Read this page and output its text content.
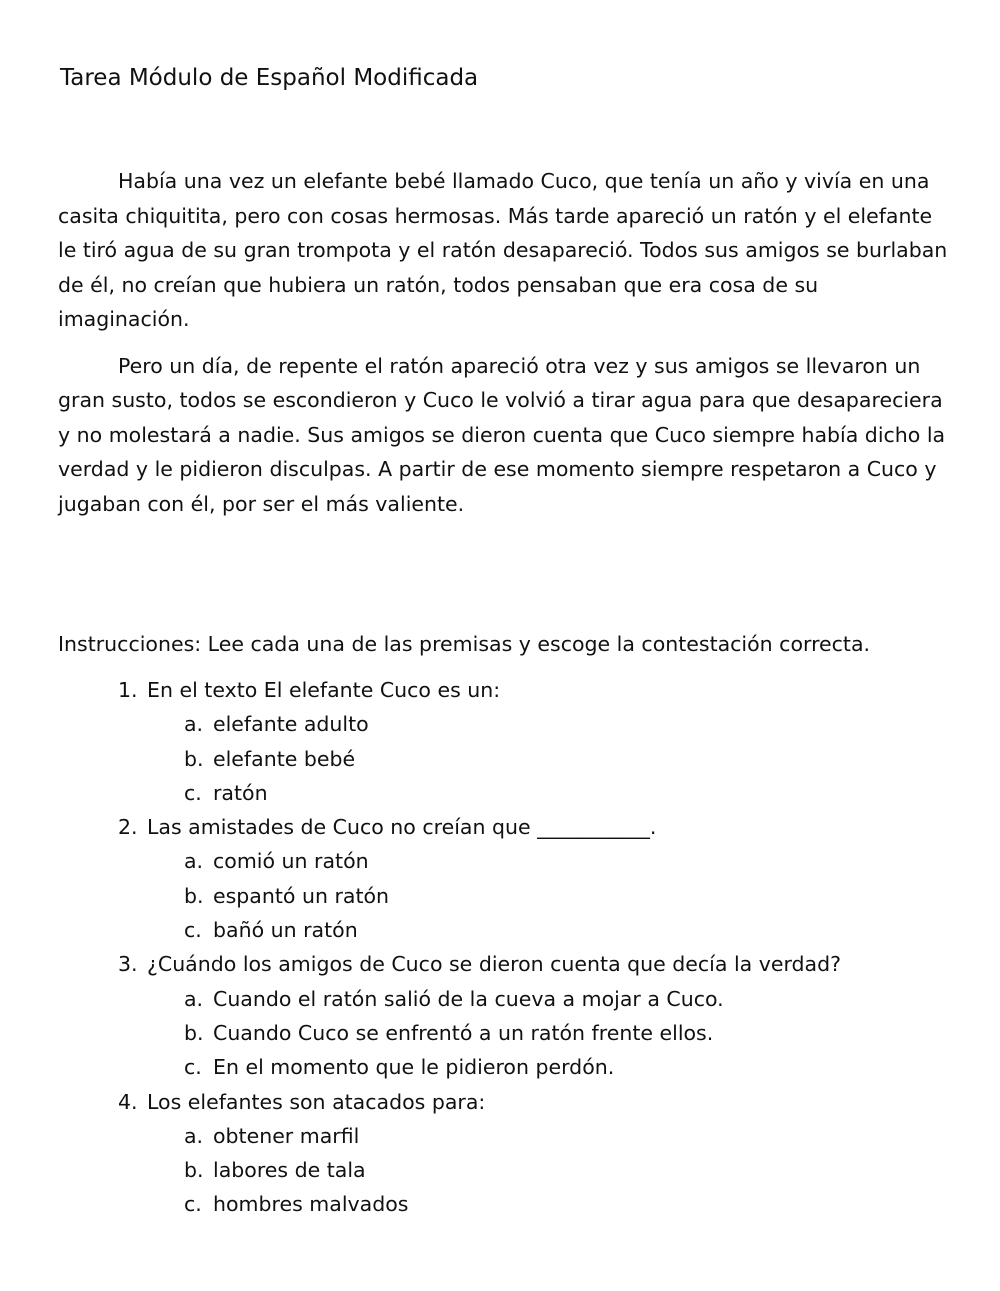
Tarea Módulo de Español Modificada

Había una vez un elefante bebé llamado Cuco, que tenía un año y vivía en una casita chiquitita, pero con cosas hermosas. Más tarde apareció un ratón y el elefante le tiró agua de su gran trompota y el ratón desapareció. Todos sus amigos se burlaban de él, no creían que hubiera un ratón, todos pensaban que era cosa de su imaginación.

Pero un día, de repente el ratón apareció otra vez y sus amigos se llevaron un gran susto, todos se escondieron y Cuco le volvió a tirar agua para que desapareciera y no molestará a nadie. Sus amigos se dieron cuenta que Cuco siempre había dicho la verdad y le pidieron disculpas. A partir de ese momento siempre respetaron a Cuco y jugaban con él, por ser el más valiente.

Instrucciones: Lee cada una de las premisas y escoge la contestación correcta.
1. En el texto El elefante Cuco es un:
a. elefante adulto
b. elefante bebé
c. ratón
2. Las amistades de Cuco no creían que ___________.
a. comió un ratón
b. espantó un ratón
c. bañó un ratón
3. ¿Cuándo los amigos de Cuco se dieron cuenta que decía la verdad?
a. Cuando el ratón salió de la cueva a mojar a Cuco.
b. Cuando Cuco se enfrentó a un ratón frente ellos.
c. En el momento que le pidieron perdón.
4. Los elefantes son atacados para:
a. obtener marfil
b. labores de tala
c. hombres malvados
